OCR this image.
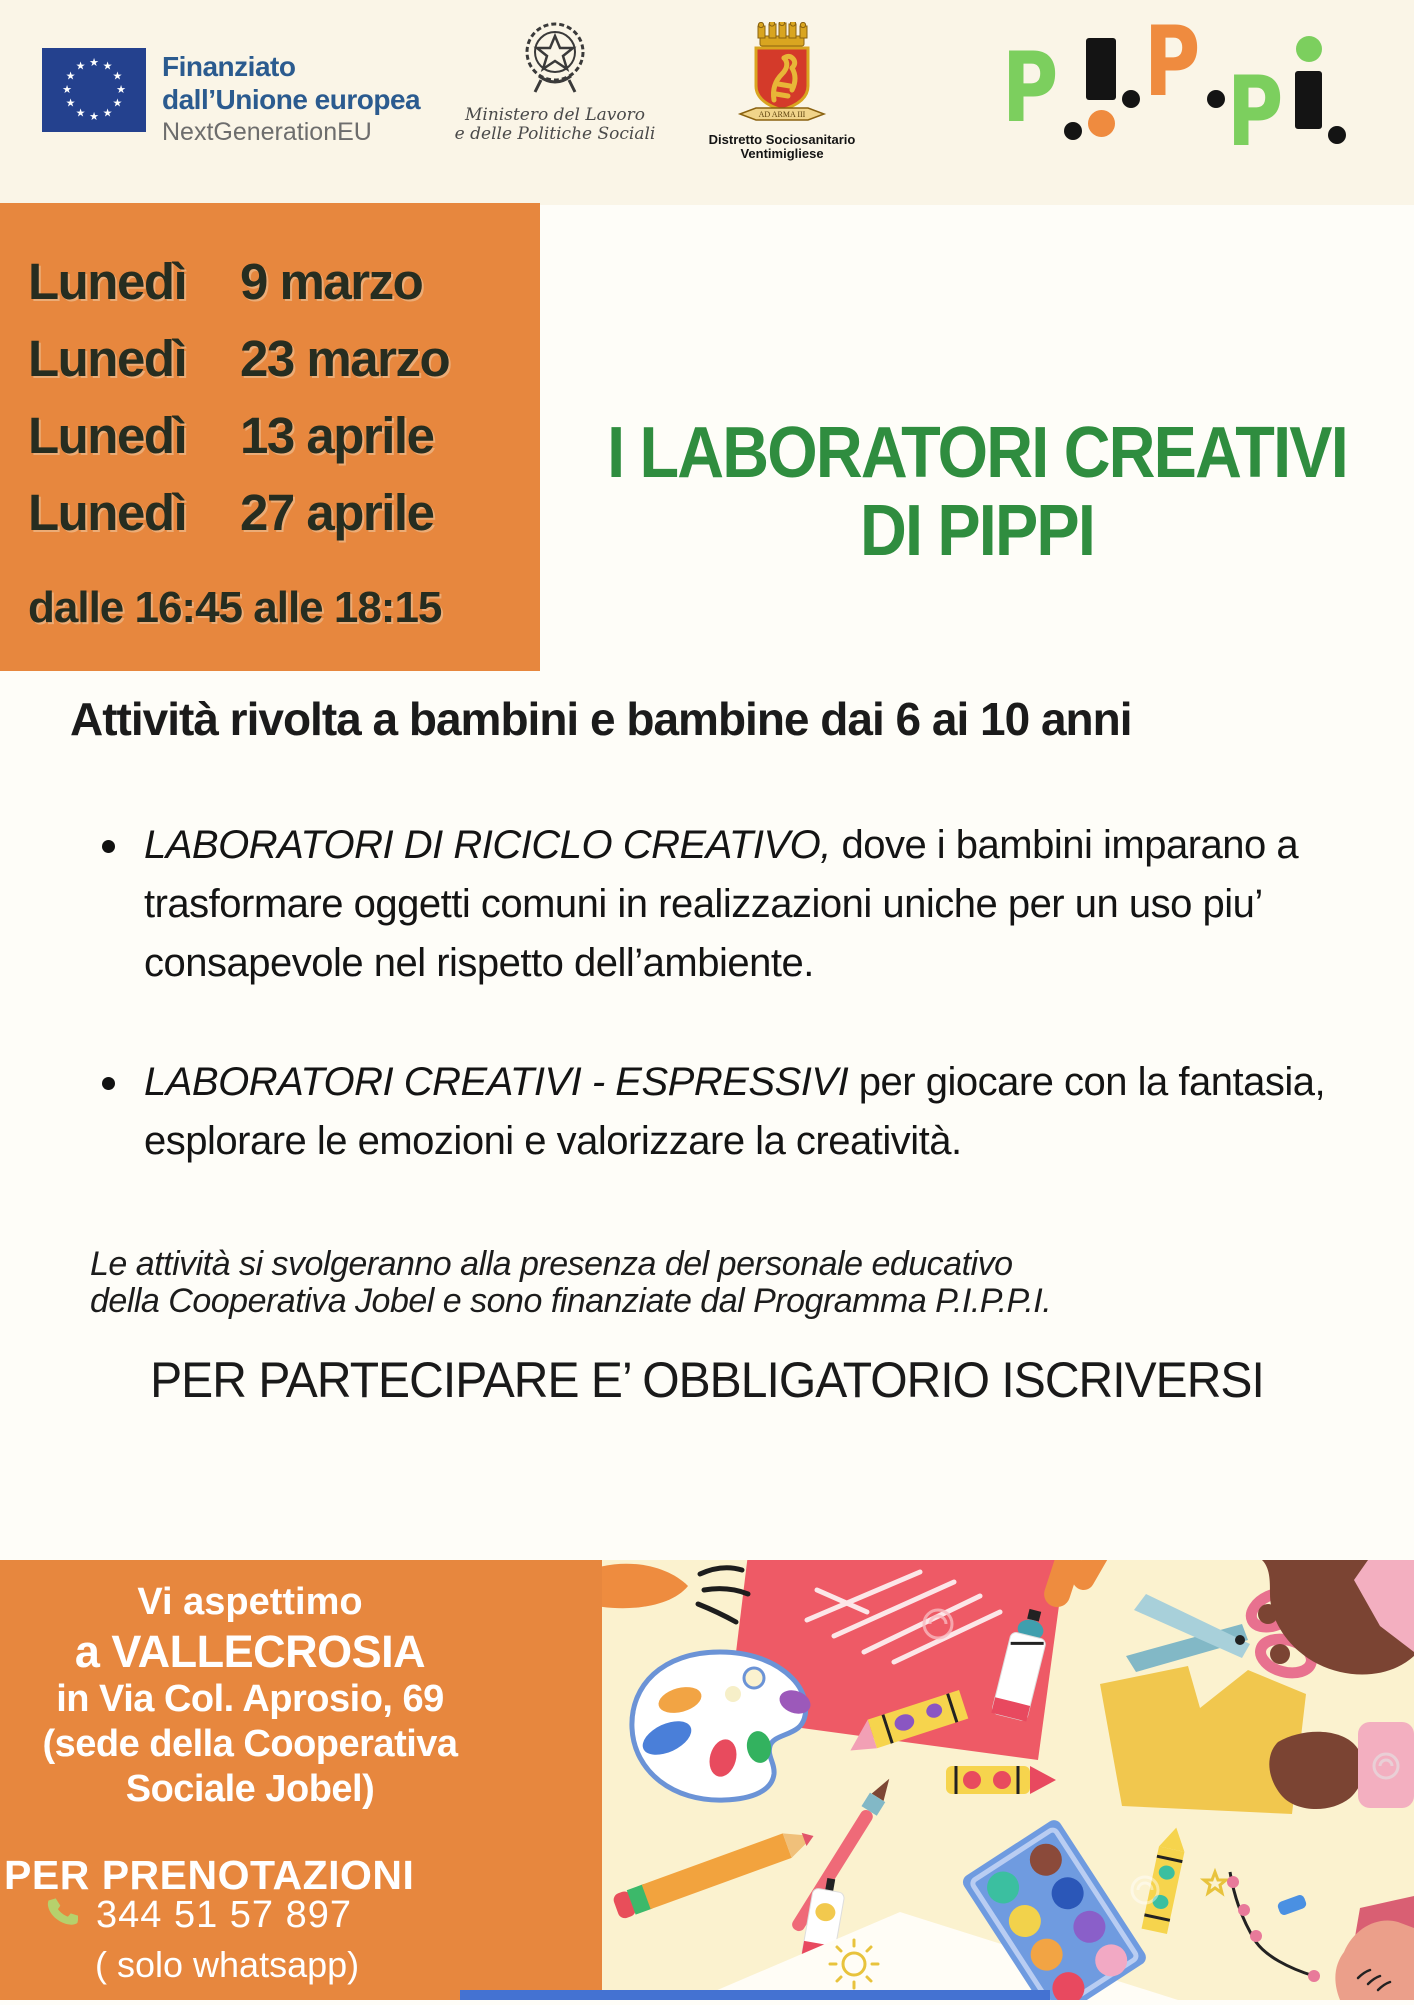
★
★
★
★
★
★
★
★
★ ★ ★
★ Finanziato
dall’Unione europea
NextGenerationEU
Ministero del Lavoro
e delle Politiche Sociali
AD ARMA III
Distretto Sociosanitario Ventimigliese
P P P
Lunedì	9 marzo
Lunedì	23 marzo
Lunedì	13 aprile
Lunedì	27 aprile
dalle 16:45 alle 18:15
I LABORATORI CREATIVI
DI PIPPI
Attività rivolta a bambini e bambine dai 6 ai 10 anni
LABORATORI DI RICICLO CREATIVO, dove i bambini imparano a trasformare oggetti comuni in realizzazioni uniche per un uso piu’ consapevole nel rispetto dell’ambiente.
LABORATORI CREATIVI - ESPRESSIVI per giocare con la fantasia, esplorare le emozioni e valorizzare la creatività.
Le attività si svolgeranno alla presenza del personale educativo
della Cooperativa Jobel e sono finanziate dal Programma P.I.P.P.I.
PER PARTECIPARE E’ OBBLIGATORIO ISCRIVERSI
Vi aspettimo
a VALLECROSIA
in Via Col. Aprosio, 69
(sede della Cooperativa
Sociale Jobel)
PER PRENOTAZIONI
344 51 57 897
( solo whatsapp)
